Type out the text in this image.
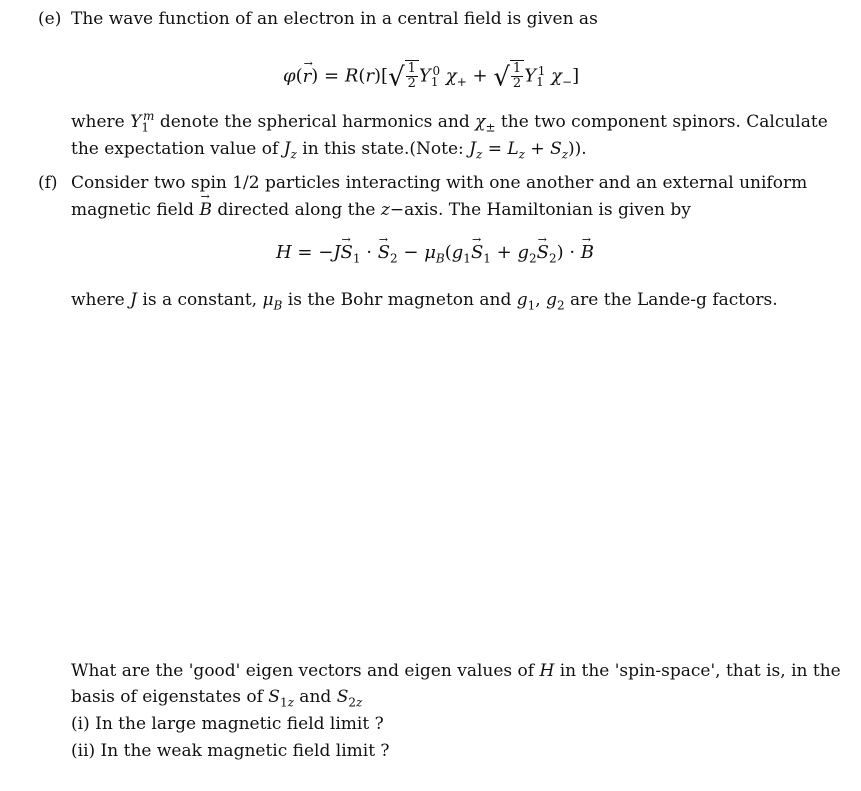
(e) The wave function of an electron in a central field is given as
$\varphi(\to r) = R(r)[√ \frac{1}{2} Y_1^0$ $\chi_+$ + √ $\frac{1}{2} Y_1^1$ $\chi_-$]
where $Y_1^m$ denote the spherical harmonics and $\chi_\pm$ the two component spinors. Calculate
the expectation value of $J_z$ in this state.(Note: $J_z = L_z + S_z$)).
(f) Consider two spin 1/2 particles interacting with one another and an external uniform
magnetic field → B directed along the z−axis. The Hamiltonian is given by
$H = -J\to S_1$ · → $S_2 - \mu_B(g_1\to S_1 + g_2\to S_2)$ · → B
where J is a constant, $\mu_B$ is the Bohr magneton and $g_1$, $g_2$ are the Lande-g factors.
What are the 'good' eigen vectors and eigen values of H in the 'spin-space', that is, in the
basis of eigenstates of $S_{1z}$ and $S_{2z}$
(i) In the large magnetic field limit ?
(ii) In the weak magnetic field limit ?
